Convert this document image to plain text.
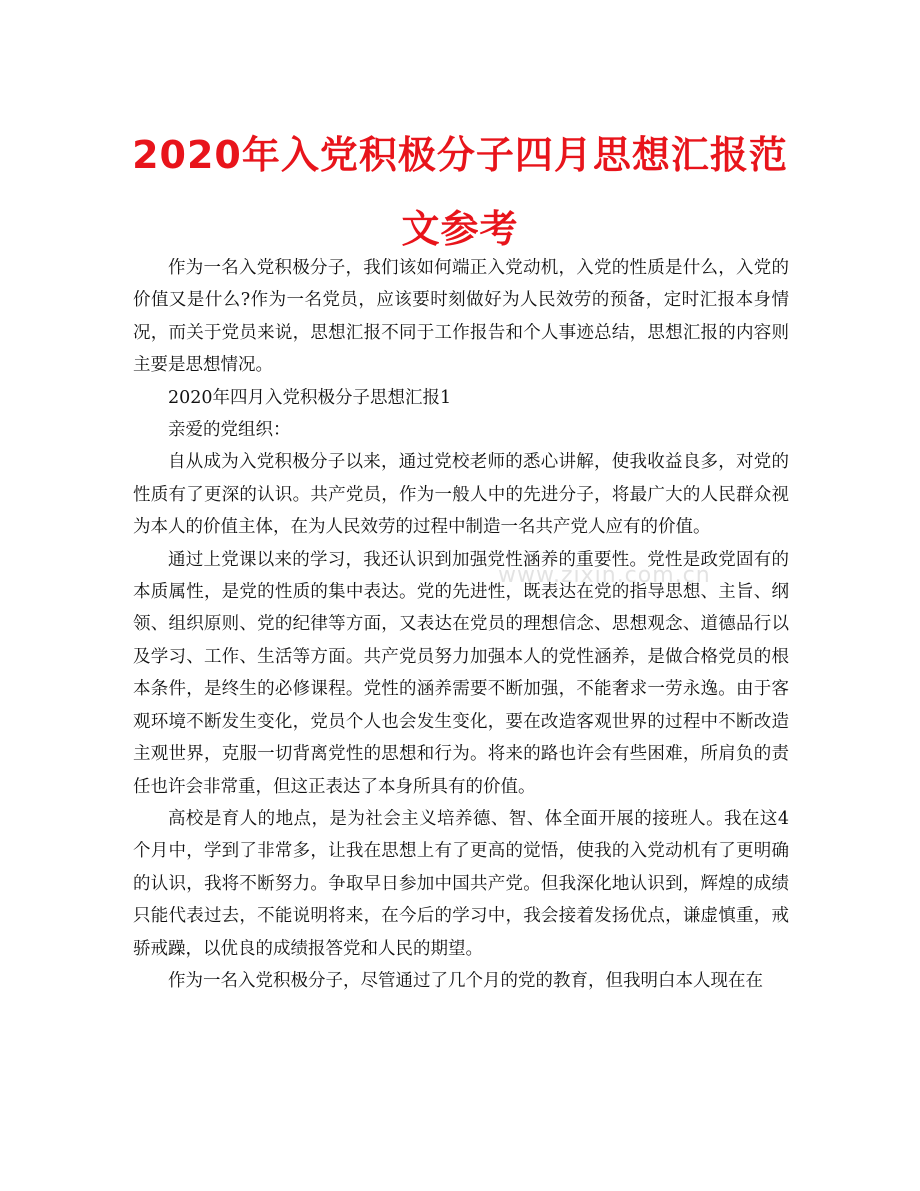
2020年入党积极分子四月思想汇报范文参考
www.zixin.com.cn

作为一名入党积极分子，我们该如何端正入党动机，入党的性质是什么，入党的价值又是什么?作为一名党员，应该要时刻做好为人民效劳的预备，定时汇报本身情况，而关于党员来说，思想汇报不同于工作报告和个人事迹总结，思想汇报的内容则主要是思想情况。

2020年四月入党积极分子思想汇报1

亲爱的党组织：

自从成为入党积极分子以来，通过党校老师的悉心讲解，使我收益良多，对党的性质有了更深的认识。共产党员，作为一般人中的先进分子，将最广大的人民群众视为本人的价值主体，在为人民效劳的过程中制造一名共产党人应有的价值。

通过上党课以来的学习，我还认识到加强党性涵养的重要性。党性是政党固有的本质属性，是党的性质的集中表达。党的先进性，既表达在党的指导思想、主旨、纲领、组织原则、党的纪律等方面，又表达在党员的理想信念、思想观念、道德品行以及学习、工作、生活等方面。共产党员努力加强本人的党性涵养，是做合格党员的根本条件，是终生的必修课程。党性的涵养需要不断加强，不能奢求一劳永逸。由于客观环境不断发生变化，党员个人也会发生变化，要在改造客观世界的过程中不断改造主观世界，克服一切背离党性的思想和行为。将来的路也许会有些困难，所肩负的责任也许会非常重，但这正表达了本身所具有的价值。

高校是育人的地点，是为社会主义培养德、智、体全面开展的接班人。我在这4个月中，学到了非常多，让我在思想上有了更高的觉悟，使我的入党动机有了更明确的认识，我将不断努力。争取早日参加中国共产党。但我深化地认识到，辉煌的成绩只能代表过去，不能说明将来，在今后的学习中，我会接着发扬优点，谦虚慎重，戒骄戒躁，以优良的成绩报答党和人民的期望。

作为一名入党积极分子，尽管通过了几个月的党的教育，但我明白本人现在在
